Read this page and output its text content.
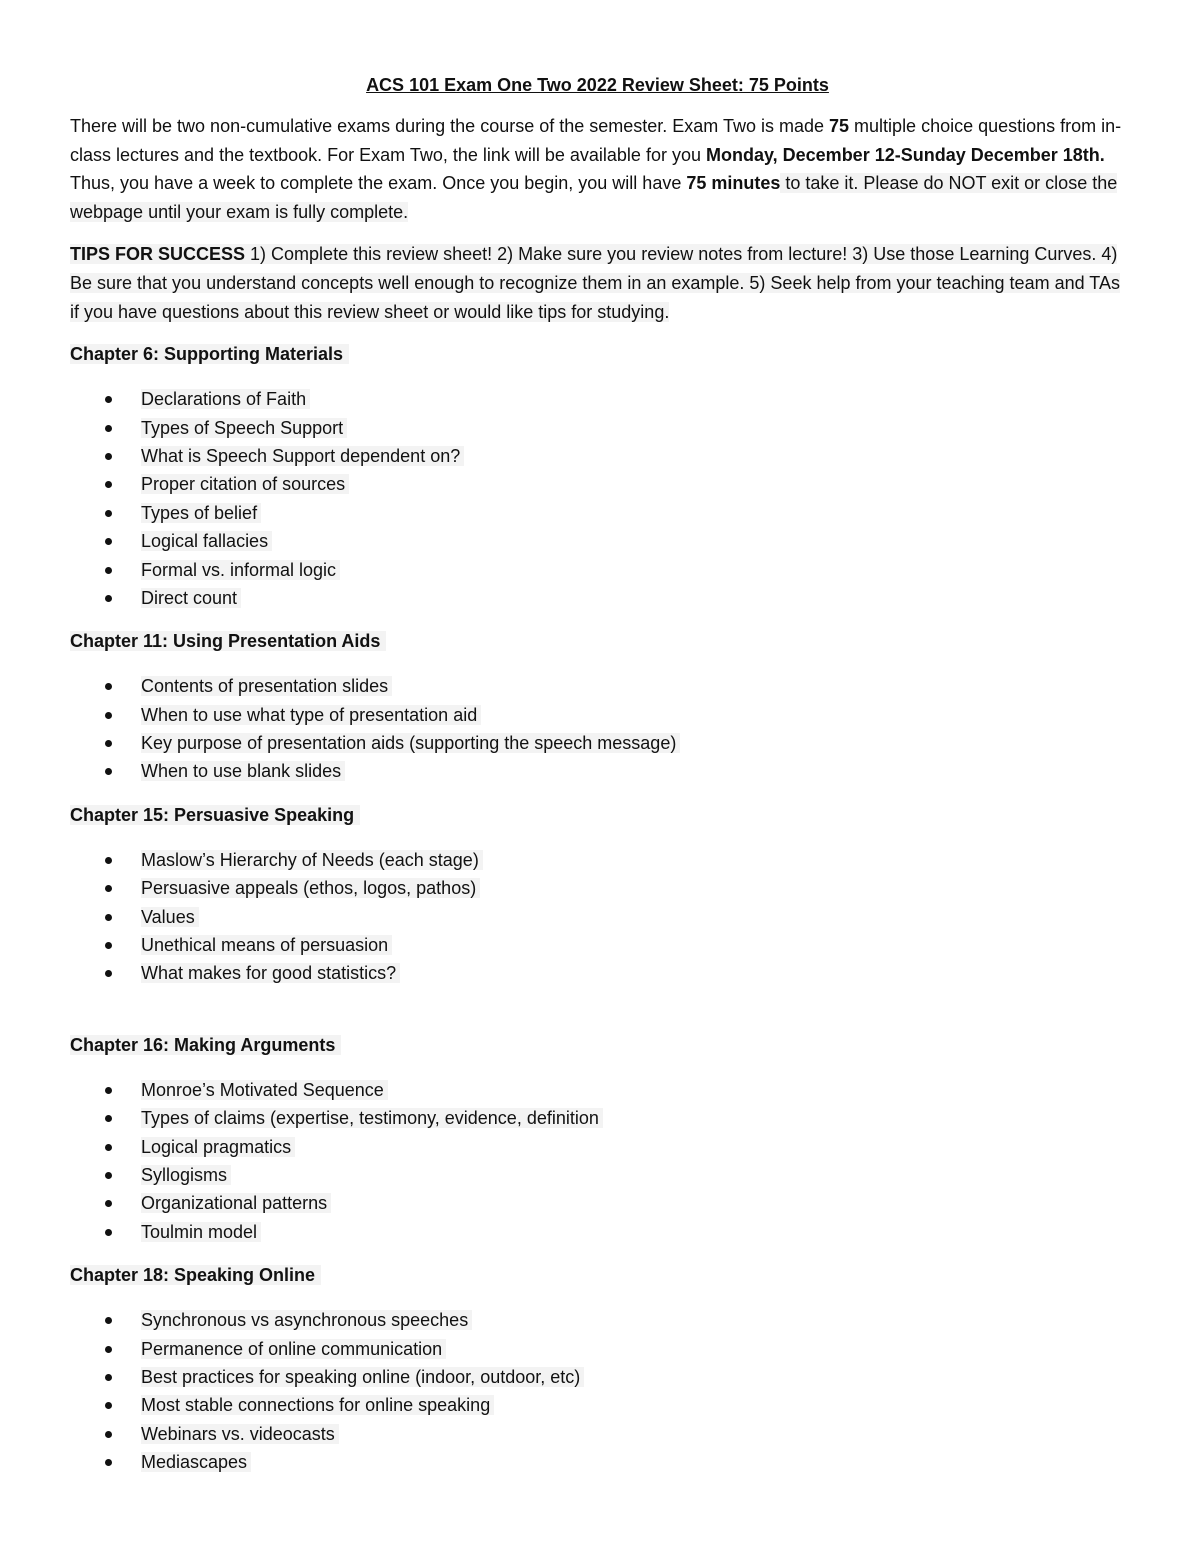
ACS 101 Exam One Two 2022 Review Sheet: 75 Points
There will be two non-cumulative exams during the course of the semester. Exam Two is made 75 multiple choice questions from in-class lectures and the textbook. For Exam Two, the link will be available for you Monday, December 12-Sunday December 18th. Thus, you have a week to complete the exam. Once you begin, you will have 75 minutes to take it. Please do NOT exit or close the webpage until your exam is fully complete.
TIPS FOR SUCCESS 1) Complete this review sheet! 2) Make sure you review notes from lecture! 3) Use those Learning Curves. 4) Be sure that you understand concepts well enough to recognize them in an example. 5) Seek help from your teaching team and TAs if you have questions about this review sheet or would like tips for studying.
Chapter 6: Supporting Materials
Declarations of Faith
Types of Speech Support
What is Speech Support dependent on?
Proper citation of sources
Types of belief
Logical fallacies
Formal vs. informal logic
Direct count
Chapter 11: Using Presentation Aids
Contents of presentation slides
When to use what type of presentation aid
Key purpose of presentation aids (supporting the speech message)
When to use blank slides
Chapter 15: Persuasive Speaking
Maslow’s Hierarchy of Needs (each stage)
Persuasive appeals (ethos, logos, pathos)
Values
Unethical means of persuasion
What makes for good statistics?
Chapter 16: Making Arguments
Monroe’s Motivated Sequence
Types of claims (expertise, testimony, evidence, definition
Logical pragmatics
Syllogisms
Organizational patterns
Toulmin model
Chapter 18: Speaking Online
Synchronous vs asynchronous speeches
Permanence of online communication
Best practices for speaking online (indoor, outdoor, etc)
Most stable connections for online speaking
Webinars vs. videocasts
Mediascapes
